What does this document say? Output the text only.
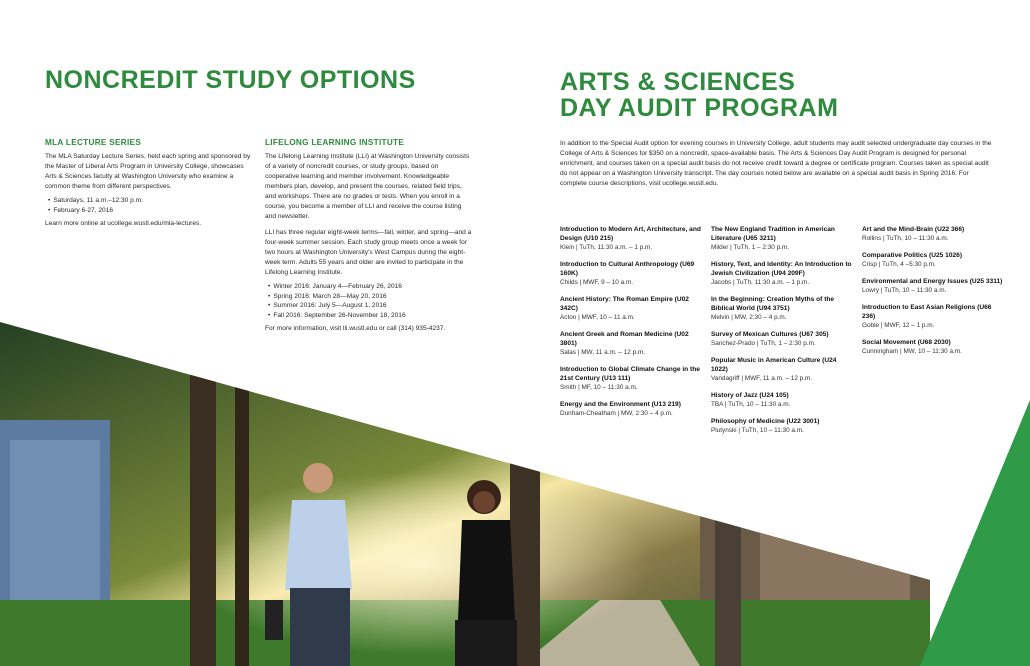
NONCREDIT STUDY OPTIONS
MLA LECTURE SERIES

The MLA Saturday Lecture Series, held each spring and sponsored by the Master of Liberal Arts Program in University College, showcases Arts & Sciences faculty at Washington University who examine a common theme from different perspectives.

• Saturdays, 11 a.m.–12:30 p.m.
• February 6-27, 2016

Learn more online at ucollege.wustl.edu/mla-lectures.

LIFELONG LEARNING INSTITUTE

The Lifelong Learning Institute (LLI) at Washington University consists of a variety of noncredit courses, or study groups, based on cooperative learning and member involvement. Knowledgeable members plan, develop, and present the courses, related field trips, and workshops. There are no grades or tests. When you enroll in a course, you become a member of LLI and receive the course listing and newsletter.

LLI has three regular eight-week terms—fall, winter, and spring—and a four-week summer session. Each study group meets once a week for two hours at Washington University's West Campus during the eight-week term. Adults 55 years and older are invited to participate in the Lifelong Learning Institute.

• Winter 2016: January 4—February 26, 2016
• Spring 2016: March 28—May 20, 2016
• Summer 2016: July 5—August 1, 2016
• Fall 2016: September 26-November 18, 2016

For more information, visit lli.wustl.edu or call (314) 935-4237.

ARTS & SCIENCES
DAY AUDIT PROGRAM

In addition to the Special Audit option for evening courses in University College, adult students may audit selected undergraduate day courses in the College of Arts & Sciences for $350 on a noncredit, space-available basis. The Arts & Sciences Day Audit Program is designed for personal enrichment, and courses taken on a special audit basis do not receive credit toward a degree or certificate program. Courses taken as special audit do not appear on a Washington University transcript. The day courses noted below are available on a special audit basis in Spring 2016. For complete course descriptions, visit ucollege.wustl.edu.

Introduction to Modern Art, Architecture, and Design (U10 215)
Klein | TuTh, 11:30 a.m. – 1 p.m.
Introduction to Cultural Anthropology (U69 160K)
Childs | MWF, 9 – 10 a.m.
Ancient History: The Roman Empire (U02 342C)
Acton | MWF, 10 – 11 a.m.
Ancient Greek and Roman Medicine (U02 3801)
Salas | MW, 11 a.m. – 12 p.m.
Introduction to Global Climate Change in the 21st Century (U13 111)
Smith | MF, 10 – 11:30 a.m.
Energy and the Environment (U13 219)
Dunham-Cheatham | MW, 2:30 – 4 p.m.
The New England Tradition in American Literature (U65 3211)
Milder | TuTh, 1 – 2:30 p.m.
History, Text, and Identity: An Introduction to Jewish Civilization (U94 209F)
Jacobs | TuTh, 11:30 a.m. – 1 p.m.
In the Beginning: Creation Myths of the Biblical World (U94 3751)
Melvin | MW, 2:30 – 4 p.m.
Survey of Mexican Cultures (U67 305)
Sanchez-Prado | TuTh, 1 – 2:30 p.m.
Popular Music in American Culture (U24 1022)
Vandagriff | MWF, 11 a.m. – 12 p.m.
History of Jazz (U24 105)
TBA | TuTh, 10 – 11:30 a.m.
Philosophy of Medicine (U22 3001)
Plutynski | TuTh, 10 – 11:30 a.m.
Art and the Mind-Brain (U22 366)
Rollins | TuTh, 10 – 11:30 a.m.
Comparative Politics (U25 1026)
Crisp | TuTh, 4 –5:30 p.m.
Environmental and Energy Issues (U25 3311)
Lowry | TuTh, 10 – 11:30 a.m.
Introduction to East Asian Religions (U66 236)
Goble | MWF, 12 – 1 p.m.
Social Movement (U68 2030)
Cunningham | MW, 10 – 11:30 a.m.
